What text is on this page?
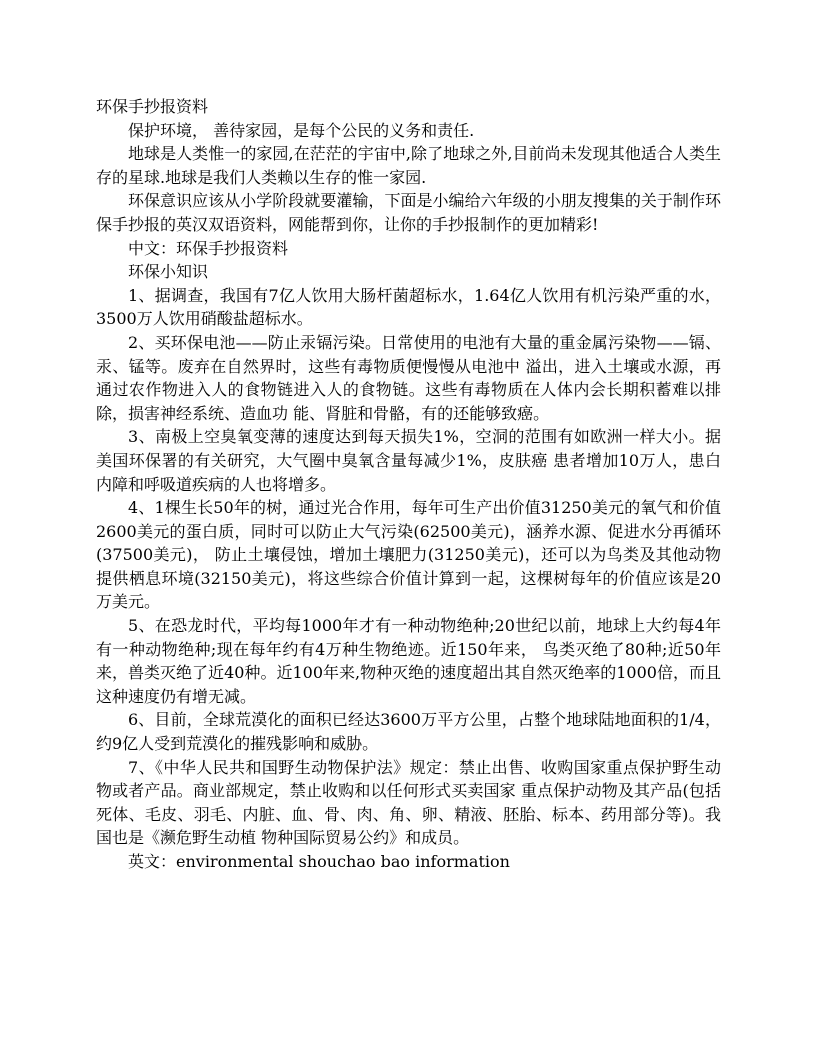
环保手抄报资料

保护环境， 善待家园，是每个公民的义务和责任.

地球是人类惟一的家园,在茫茫的宇宙中,除了地球之外,目前尚未发现其他适合人类生存的星球.地球是我们人类赖以生存的惟一家园.

环保意识应该从小学阶段就要灌输，下面是小编给六年级的小朋友搜集的关于制作环保手抄报的英汉双语资料，网能帮到你，让你的手抄报制作的更加精彩!

中文：环保手抄报资料

环保小知识

1、据调查，我国有7亿人饮用大肠杆菌超标水，1.64亿人饮用有机污染严重的水，3500万人饮用硝酸盐超标水。

2、买环保电池——防止汞镉污染。日常使用的电池有大量的重金属污染物——镉、汞、锰等。废弃在自然界时，这些有毒物质便慢慢从电池中 溢出，进入土壤或水源，再通过农作物进入人的食物链进入人的食物链。这些有毒物质在人体内会长期积蓄难以排除，损害神经系统、造血功 能、肾脏和骨骼，有的还能够致癌。

3、南极上空臭氧变薄的速度达到每天损失1%，空洞的范围有如欧洲一样大小。据美国环保署的有关研究，大气圈中臭氧含量每减少1%，皮肤癌 患者增加10万人，患白内障和呼吸道疾病的人也将增多。

4、1棵生长50年的树，通过光合作用，每年可生产出价值31250美元的氧气和价值2600美元的蛋白质，同时可以防止大气污染(62500美元)，涵养水源、促进水分再循环(37500美元)， 防止土壤侵蚀，增加土壤肥力(31250美元)，还可以为鸟类及其他动物提供栖息环境(32150美元)，将这些综合价值计算到一起，这棵树每年的价值应该是20万美元。

5、在恐龙时代，平均每1000年才有一种动物绝种;20世纪以前，地球上大约每4年有一种动物绝种;现在每年约有4万种生物绝迹。近150年来， 鸟类灭绝了80种;近50年来，兽类灭绝了近40种。近100年来,物种灭绝的速度超出其自然灭绝率的1000倍，而且这种速度仍有增无减。

6、目前，全球荒漠化的面积已经达3600万平方公里，占整个地球陆地面积的1/4，约9亿人受到荒漠化的摧残影响和威胁。

7、《中华人民共和国野生动物保护法》规定：禁止出售、收购国家重点保护野生动物或者产品。商业部规定，禁止收购和以任何形式买卖国家 重点保护动物及其产品(包括死体、毛皮、羽毛、内脏、血、骨、肉、角、卵、精液、胚胎、标本、药用部分等)。我国也是《濒危野生动植 物种国际贸易公约》和成员。

英文：environmental shouchao bao information
